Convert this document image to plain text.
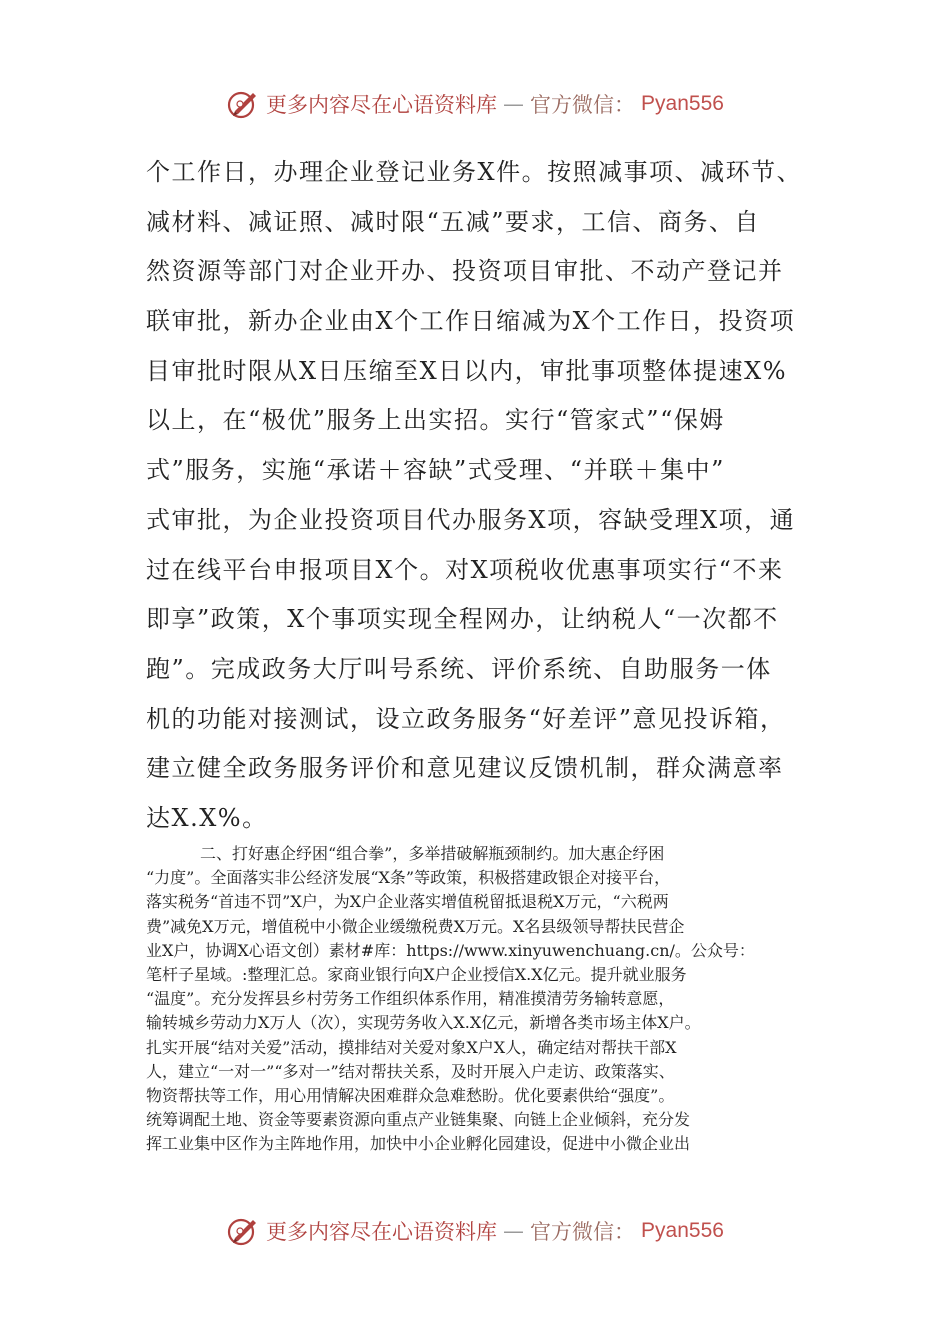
更多内容尽在心语资料库 — 官方微信： Pyan556
个工作日，办理企业登记业务X件。按照减事项、减环节、
减材料、减证照、减时限“五减”要求，工信、商务、自
然资源等部门对企业开办、投资项目审批、不动产登记并
联审批，新办企业由X个工作日缩减为X个工作日，投资项
目审批时限从X日压缩至X日以内，审批事项整体提速X%
以上，在“极优”服务上出实招。实行“管家式”“保姆
式”服务，实施“承诺＋容缺”式受理、“并联＋集中”
式审批，为企业投资项目代办服务X项，容缺受理X项，通
过在线平台申报项目X个。对X项税收优惠事项实行“不来
即享”政策，X个事项实现全程网办，让纳税人“一次都不
跑”。完成政务大厅叫号系统、评价系统、自助服务一体
机的功能对接测试，设立政务服务“好差评”意见投诉箱，
建立健全政务服务评价和意见建议反馈机制，群众满意率
达X.X%。
二、打好惠企纾困“组合拳”，多举措破解瓶颈制约。加大惠企纾困
“力度”。全面落实非公经济发展“X条”等政策，积极搭建政银企对接平台，
落实税务“首违不罚”X户，为X户企业落实增值税留抵退税X万元，“六税两
费”减免X万元，增值税中小微企业缓缴税费X万元。X名县级领导帮扶民营企
业X户，协调X心语文创）素材#库：https://www.xinyuwenchuang.cn/。公众号：
笔杆子星域。:整理汇总。家商业银行向X户企业授信X.X亿元。提升就业服务
“温度”。充分发挥县乡村劳务工作组织体系作用，精准摸清劳务输转意愿，
输转城乡劳动力X万人（次），实现劳务收入X.X亿元，新增各类市场主体X户。
扎实开展“结对关爱”活动，摸排结对关爱对象X户X人，确定结对帮扶干部X
人，建立“一对一”“多对一”结对帮扶关系，及时开展入户走访、政策落实、
物资帮扶等工作，用心用情解决困难群众急难愁盼。优化要素供给“强度”。
统筹调配土地、资金等要素资源向重点产业链集聚、向链上企业倾斜，充分发
挥工业集中区作为主阵地作用，加快中小企业孵化园建设，促进中小微企业出
更多内容尽在心语资料库 — 官方微信： Pyan556
